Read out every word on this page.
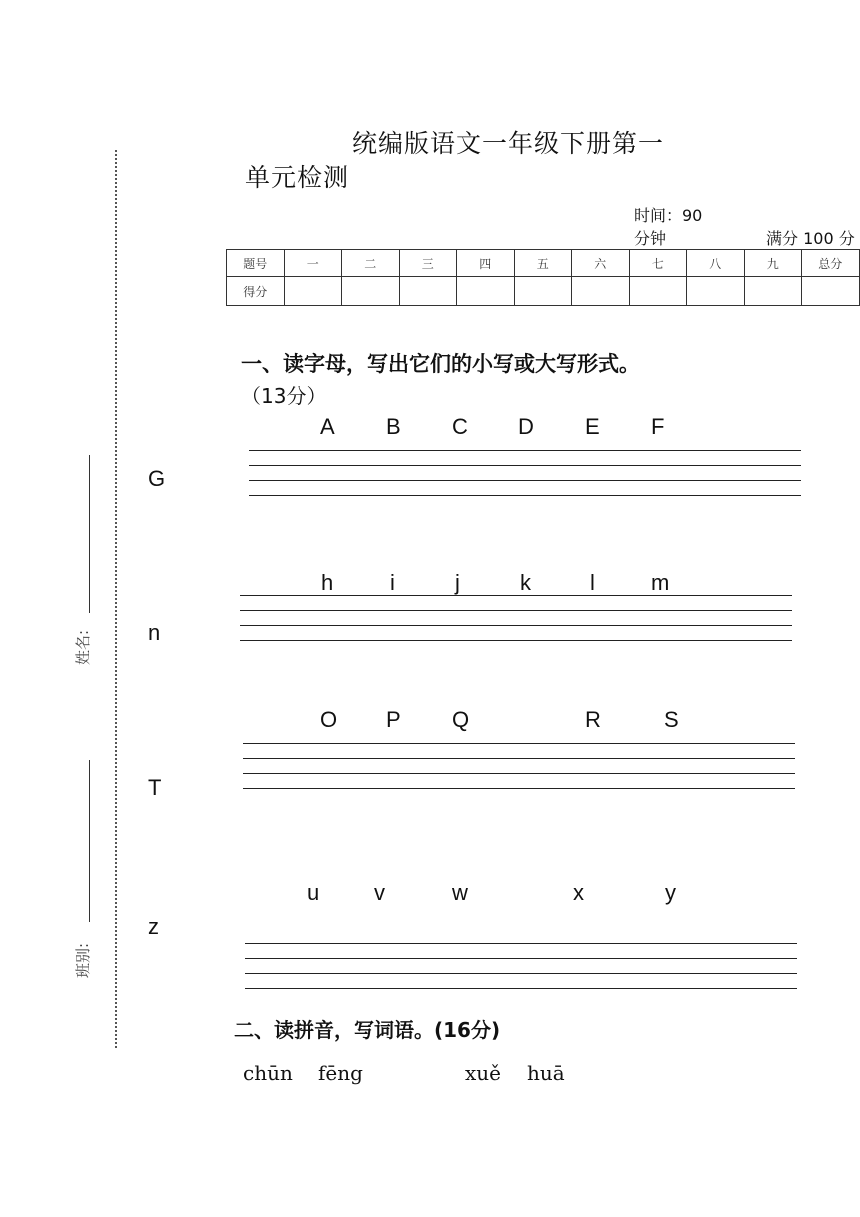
姓名:
班别:
统编版语文一年级下册第一
单元检测
时间：90
分钟	满分 100 分
题号	一	二	三	四	五	六	七	八	九	总分
得分										
一、读字母，写出它们的小写或大写形式。
（13分）
A B C D E F
G
h	i	j	k	l	m
n
O P Q	R	S
T
u v	w	x	y
z
二、读拼音，写词语。(16分)
chūn fēng	xuě huā
